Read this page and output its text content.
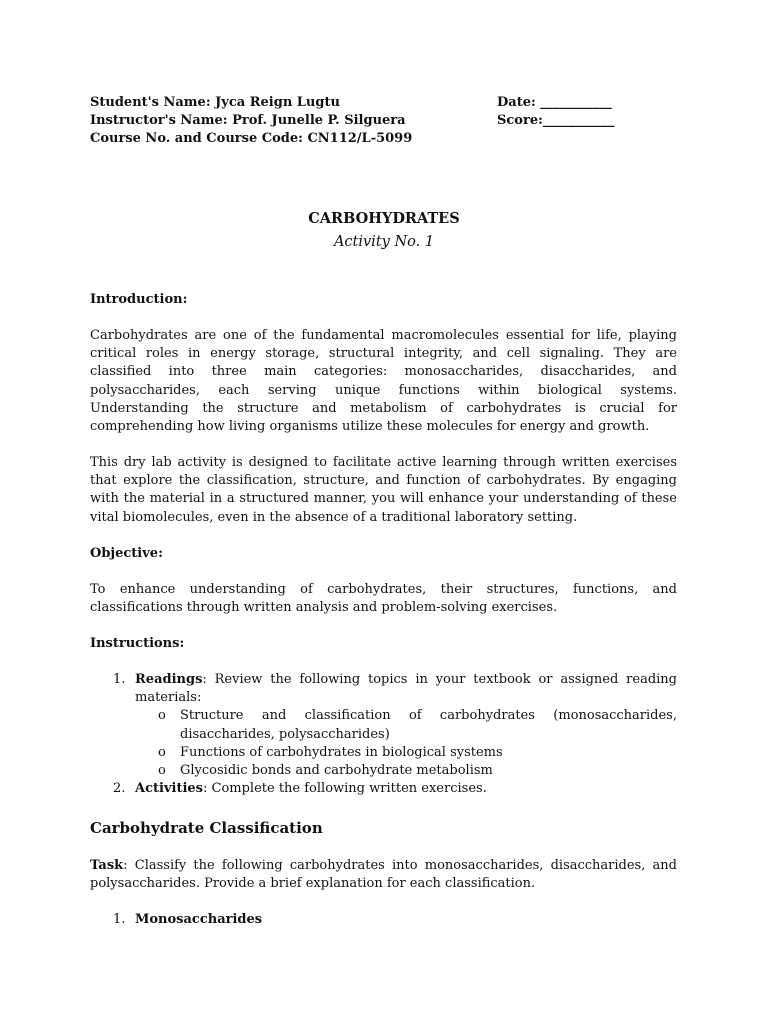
Student's Name: Jyca Reign Lugtu
Instructor's Name: Prof. Junelle P. Silguera
Course No. and Course Code: CN112/L-5099
Date: ___________
Score:___________
CARBOHYDRATES
Activity No. 1
Introduction:
Carbohydrates are one of the fundamental macromolecules essential for life, playing critical roles in energy storage, structural integrity, and cell signaling. They are classified into three main categories: monosaccharides, disaccharides, and polysaccharides, each serving unique functions within biological systems. Understanding the structure and metabolism of carbohydrates is crucial for comprehending how living organisms utilize these molecules for energy and growth.
This dry lab activity is designed to facilitate active learning through written exercises that explore the classification, structure, and function of carbohydrates. By engaging with the material in a structured manner, you will enhance your understanding of these vital biomolecules, even in the absence of a traditional laboratory setting.
Objective:
To enhance understanding of carbohydrates, their structures, functions, and classifications through written analysis and problem-solving exercises.
Instructions:
1. Readings: Review the following topics in your textbook or assigned reading materials:
o Structure and classification of carbohydrates (monosaccharides, disaccharides, polysaccharides)
o Functions of carbohydrates in biological systems
o Glycosidic bonds and carbohydrate metabolism
2. Activities: Complete the following written exercises.
Carbohydrate Classification
Task: Classify the following carbohydrates into monosaccharides, disaccharides, and polysaccharides. Provide a brief explanation for each classification.
1. Monosaccharides
